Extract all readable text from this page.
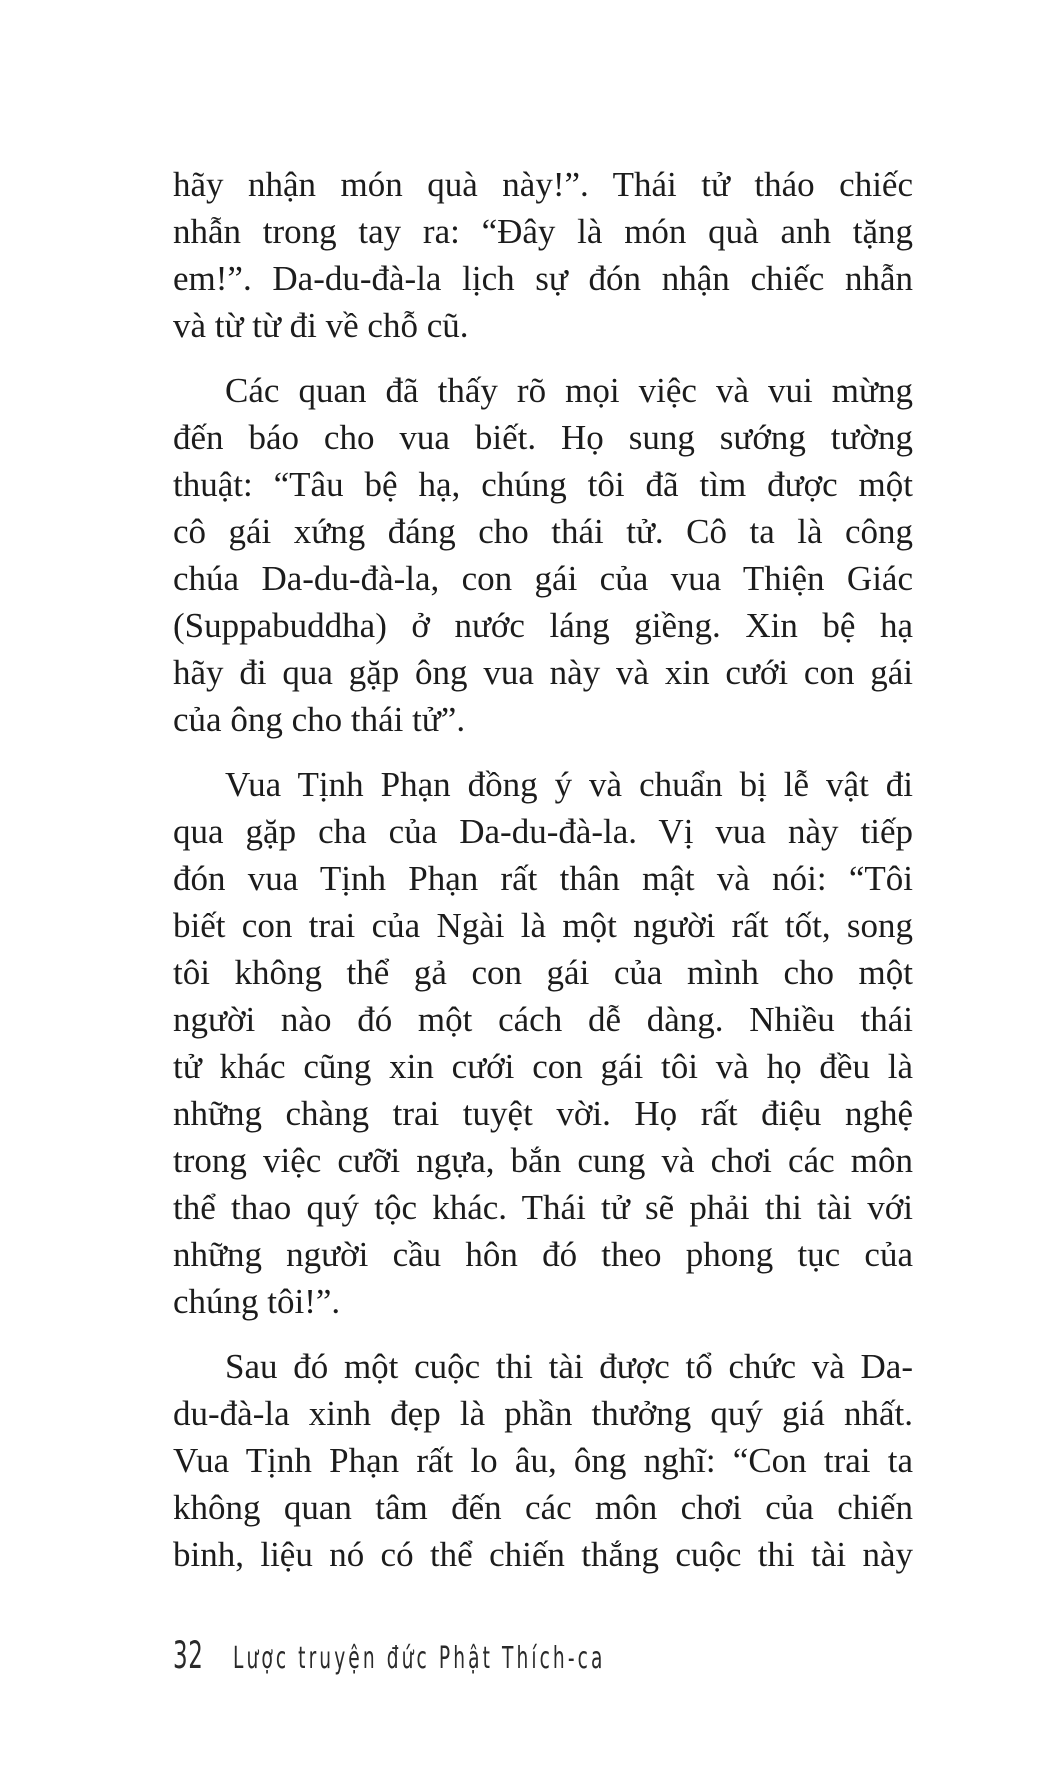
hãy nhận món quà này!”. Thái tử tháo chiếc
nhẫn trong tay ra: “Đây là món quà anh tặng
em!”. Da-du-đà-la lịch sự đón nhận chiếc nhẫn
và từ từ đi về chỗ cũ.

Các quan đã thấy rõ mọi việc và vui mừng
đến báo cho vua biết. Họ sung sướng tường
thuật: “Tâu bệ hạ, chúng tôi đã tìm được một
cô gái xứng đáng cho thái tử. Cô ta là công
chúa Da-du-đà-la, con gái của vua Thiện Giác
(Suppabuddha) ở nước láng giềng. Xin bệ hạ
hãy đi qua gặp ông vua này và xin cưới con gái
của ông cho thái tử”.

Vua Tịnh Phạn đồng ý và chuẩn bị lễ vật đi
qua gặp cha của Da-du-đà-la. Vị vua này tiếp
đón vua Tịnh Phạn rất thân mật và nói: “Tôi
biết con trai của Ngài là một người rất tốt, song
tôi không thể gả con gái của mình cho một
người nào đó một cách dễ dàng. Nhiều thái
tử khác cũng xin cưới con gái tôi và họ đều là
những chàng trai tuyệt vời. Họ rất điệu nghệ
trong việc cưỡi ngựa, bắn cung và chơi các môn
thể thao quý tộc khác. Thái tử sẽ phải thi tài với
những người cầu hôn đó theo phong tục của
chúng tôi!”.

Sau đó một cuộc thi tài được tổ chức và Da-
du-đà-la xinh đẹp là phần thưởng quý giá nhất.
Vua Tịnh Phạn rất lo âu, ông nghĩ: “Con trai ta
không quan tâm đến các môn chơi của chiến
binh, liệu nó có thể chiến thắng cuộc thi tài này

32 Lược truyện đức Phật Thích-ca
